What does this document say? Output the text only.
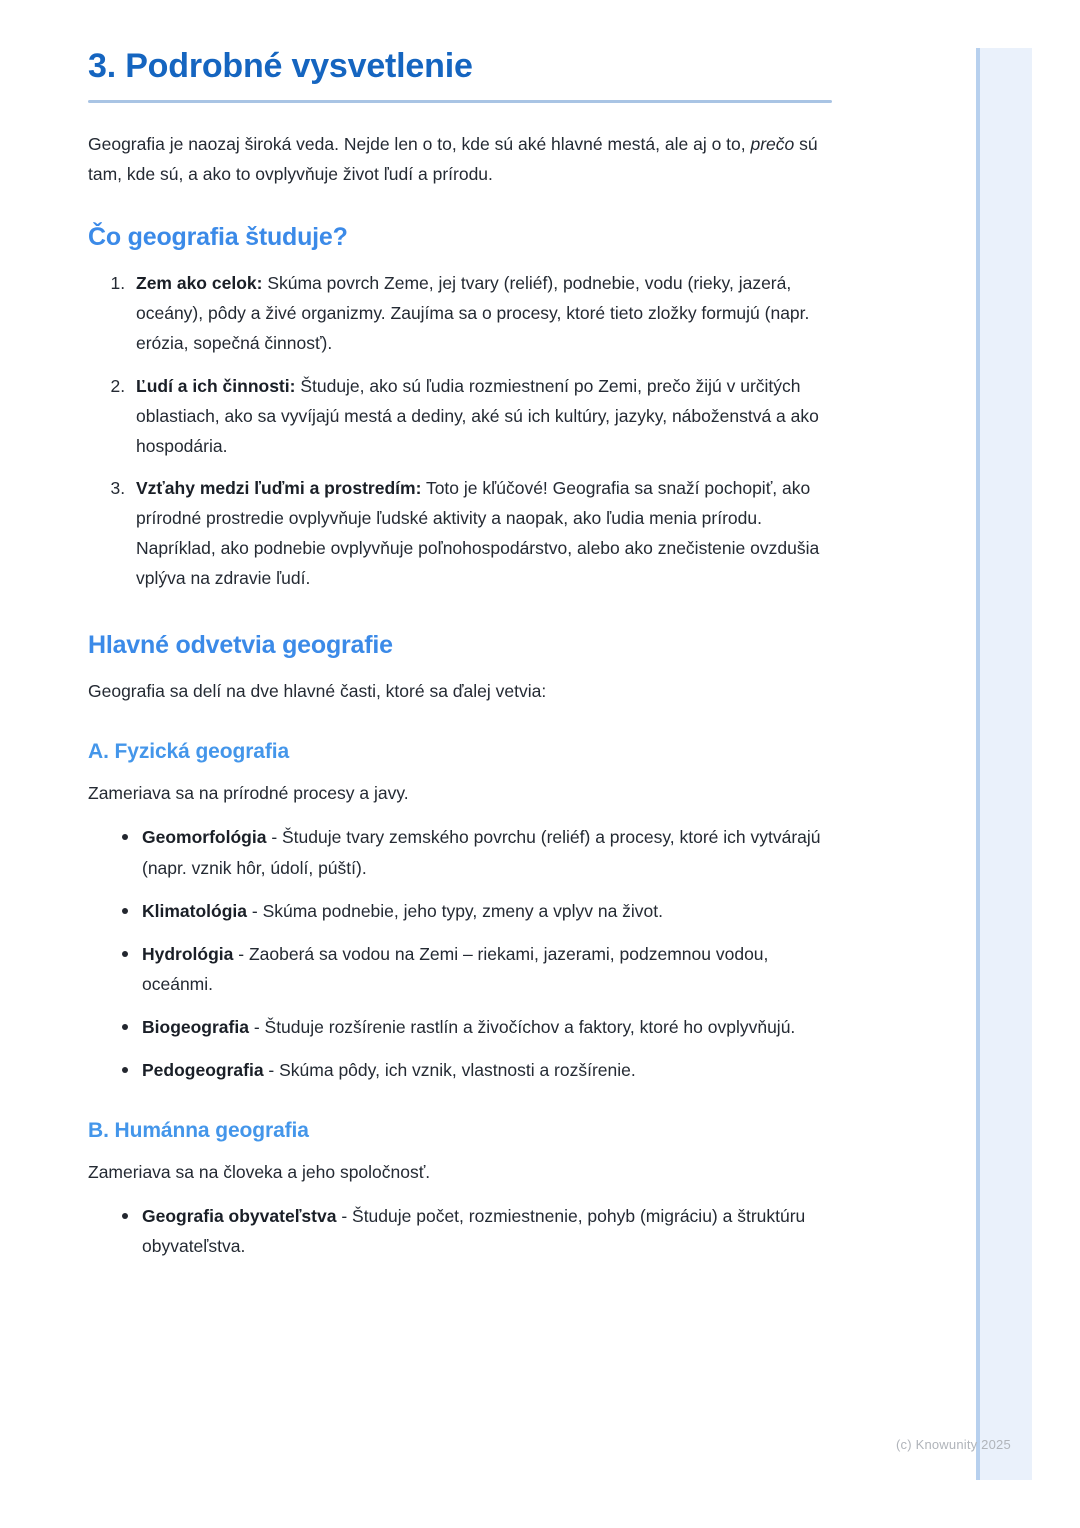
3. Podrobné vysvetlenie

Geografia je naozaj široká veda. Nejde len o to, kde sú aké hlavné mestá, ale aj o to, prečo sú tam, kde sú, a ako to ovplyvňuje život ľudí a prírodu.

Čo geografia študuje?
1. Zem ako celok: Skúma povrch Zeme, jej tvary (reliéf), podnebie, vodu (rieky, jazerá, oceány), pôdy a živé organizmy. Zaujíma sa o procesy, ktoré tieto zložky formujú (napr. erózia, sopečná činnosť).
2. Ľudí a ich činnosti: Študuje, ako sú ľudia rozmiestnení po Zemi, prečo žijú v určitých oblastiach, ako sa vyvíjajú mestá a dediny, aké sú ich kultúry, jazyky, náboženstvá a ako hospodária.
3. Vzťahy medzi ľuďmi a prostredím: Toto je kľúčové! Geografia sa snaží pochopiť, ako prírodné prostredie ovplyvňuje ľudské aktivity a naopak, ako ľudia menia prírodu. Napríklad, ako podnebie ovplyvňuje poľnohospodárstvo, alebo ako znečistenie ovzdušia vplýva na zdravie ľudí.
Hlavné odvetvia geografie

Geografia sa delí na dve hlavné časti, ktoré sa ďalej vetvia:

A. Fyzická geografia

Zameriava sa na prírodné procesy a javy.

Geomorfológia - Študuje tvary zemského povrchu (reliéf) a procesy, ktoré ich vytvárajú (napr. vznik hôr, údolí, púští).
Klimatológia - Skúma podnebie, jeho typy, zmeny a vplyv na život.
Hydrológia - Zaoberá sa vodou na Zemi – riekami, jazerami, podzemnou vodou, oceánmi.
Biogeografia - Študuje rozšírenie rastlín a živočíchov a faktory, ktoré ho ovplyvňujú.
Pedogeografia - Skúma pôdy, ich vznik, vlastnosti a rozšírenie.
B. Humánna geografia

Zameriava sa na človeka a jeho spoločnosť.

Geografia obyvateľstva - Študuje počet, rozmiestnenie, pohyb (migráciu) a štruktúru obyvateľstva.
(c) Knowunity 2025
